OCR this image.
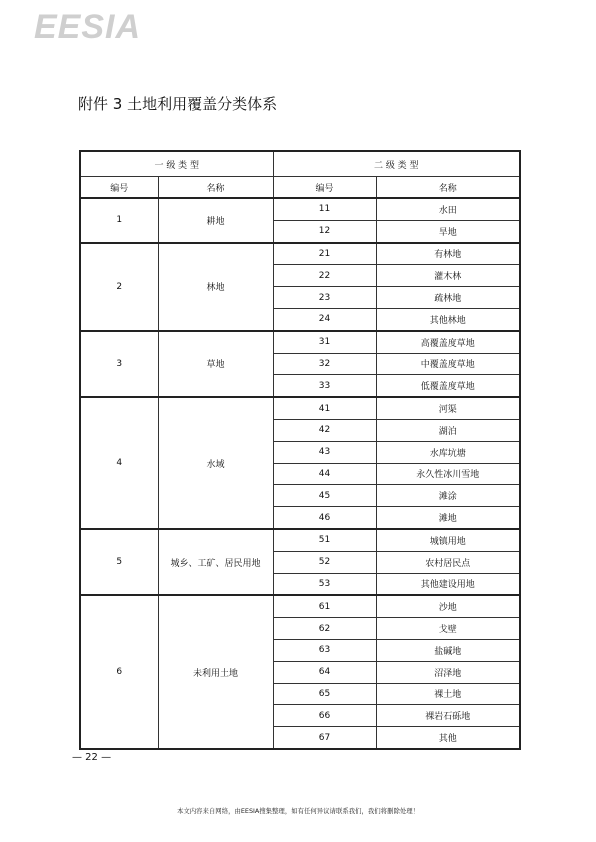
EESIA
附件 3 土地利用覆盖分类体系
一 级 类 型		二 级 类 型	
编号	名称	编号	名称
1	耕地	11	水田
		12	旱地
2	林地	21	有林地
		22	灌木林
		23	疏林地
		24	其他林地
3	草地	31	高覆盖度草地
		32	中覆盖度草地
		33	低覆盖度草地
4	水域	41	河渠
		42	湖泊
		43	水库坑塘
		44	永久性冰川雪地
		45	滩涂
		46	滩地
5	城乡、工矿、居民用地	51	城镇用地
		52	农村居民点
		53	其他建设用地
6	未利用土地	61	沙地
		62	戈壁
		63	盐碱地
		64	沼泽地
		65	裸土地
		66	裸岩石砾地
		67	其他
— 22 —
本文内容来自网络，由EESIA搜集整理，如有任何异议请联系我们，我们将删除处理！
